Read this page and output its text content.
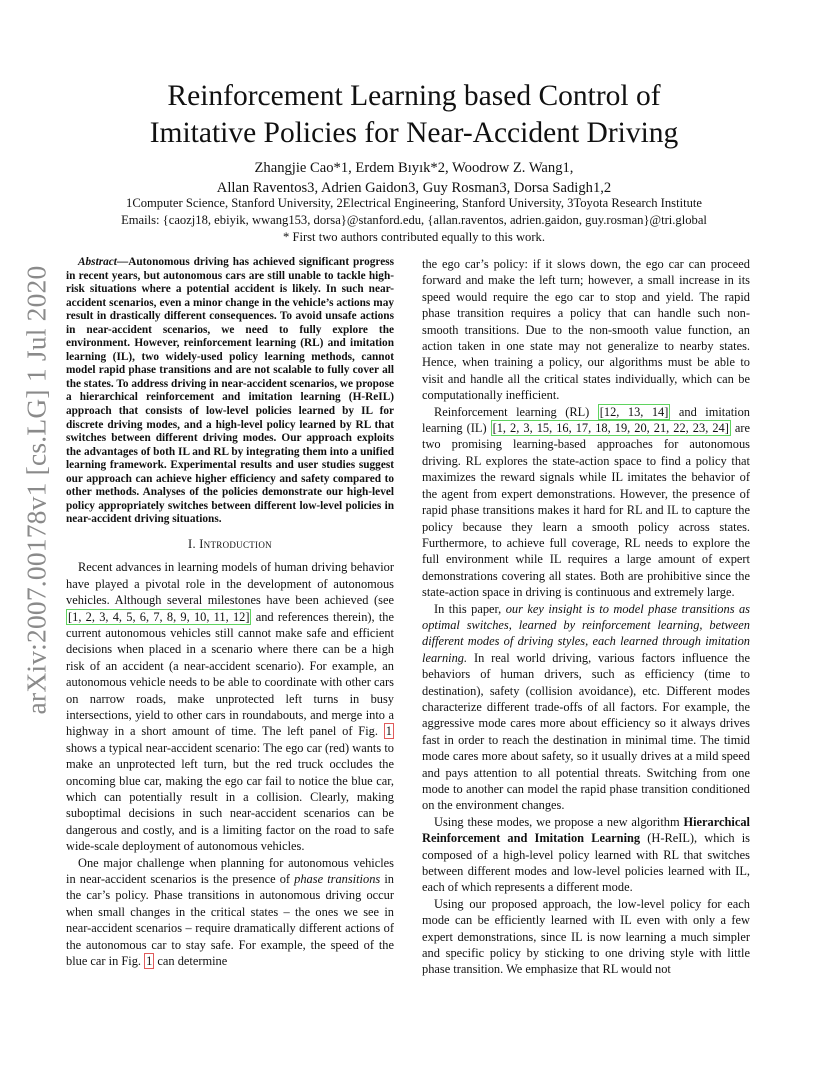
arXiv:2007.00178v1 [cs.LG] 1 Jul 2020
Reinforcement Learning based Control of
Imitative Policies for Near-Accident Driving
Zhangjie Cao*1, Erdem Bıyık*2, Woodrow Z. Wang1,
Allan Raventos3, Adrien Gaidon3, Guy Rosman3, Dorsa Sadigh1,2
1Computer Science, Stanford University, 2Electrical Engineering, Stanford University, 3Toyota Research Institute
Emails: {caozj18, ebiyik, wwang153, dorsa}@stanford.edu, {allan.raventos, adrien.gaidon, guy.rosman}@tri.global
* First two authors contributed equally to this work.

Abstract—Autonomous driving has achieved significant progress in recent years, but autonomous cars are still unable to tackle high-risk situations where a potential accident is likely. In such near-accident scenarios, even a minor change in the vehicle’s actions may result in drastically different consequences. To avoid unsafe actions in near-accident scenarios, we need to fully explore the environment. However, reinforcement learning (RL) and imitation learning (IL), two widely-used policy learning methods, cannot model rapid phase transitions and are not scalable to fully cover all the states. To address driving in near-accident scenarios, we propose a hierarchical reinforcement and imitation learning (H-ReIL) approach that consists of low-level policies learned by IL for discrete driving modes, and a high-level policy learned by RL that switches between different driving modes. Our approach exploits the advantages of both IL and RL by integrating them into a unified learning framework. Experimental results and user studies suggest our approach can achieve higher efficiency and safety compared to other methods. Analyses of the policies demonstrate our high-level policy appropriately switches between different low-level policies in near-accident driving situations.

I. Introduction

Recent advances in learning models of human driving behavior have played a pivotal role in the development of autonomous vehicles. Although several milestones have been achieved (see [1, 2, 3, 4, 5, 6, 7, 8, 9, 10, 11, 12] and references therein), the current autonomous vehicles still cannot make safe and efficient decisions when placed in a scenario where there can be a high risk of an accident (a near-accident scenario). For example, an autonomous vehicle needs to be able to coordinate with other cars on narrow roads, make unprotected left turns in busy intersections, yield to other cars in roundabouts, and merge into a highway in a short amount of time. The left panel of Fig. 1 shows a typical near-accident scenario: The ego car (red) wants to make an unprotected left turn, but the red truck occludes the oncoming blue car, making the ego car fail to notice the blue car, which can potentially result in a collision. Clearly, making suboptimal decisions in such near-accident scenarios can be dangerous and costly, and is a limiting factor on the road to safe wide-scale deployment of autonomous vehicles.

One major challenge when planning for autonomous vehicles in near-accident scenarios is the presence of phase transitions in the car’s policy. Phase transitions in autonomous driving occur when small changes in the critical states – the ones we see in near-accident scenarios – require dramatically different actions of the autonomous car to stay safe. For example, the speed of the blue car in Fig. 1 can determine

the ego car’s policy: if it slows down, the ego car can proceed forward and make the left turn; however, a small increase in its speed would require the ego car to stop and yield. The rapid phase transition requires a policy that can handle such non-smooth transitions. Due to the non-smooth value function, an action taken in one state may not generalize to nearby states. Hence, when training a policy, our algorithms must be able to visit and handle all the critical states individually, which can be computationally inefficient.

Reinforcement learning (RL) [12, 13, 14] and imitation learning (IL) [1, 2, 3, 15, 16, 17, 18, 19, 20, 21, 22, 23, 24] are two promising learning-based approaches for autonomous driving. RL explores the state-action space to find a policy that maximizes the reward signals while IL imitates the behavior of the agent from expert demonstrations. However, the presence of rapid phase transitions makes it hard for RL and IL to capture the policy because they learn a smooth policy across states. Furthermore, to achieve full coverage, RL needs to explore the full environment while IL requires a large amount of expert demonstrations covering all states. Both are prohibitive since the state-action space in driving is continuous and extremely large.

In this paper, our key insight is to model phase transitions as optimal switches, learned by reinforcement learning, between different modes of driving styles, each learned through imitation learning. In real world driving, various factors influence the behaviors of human drivers, such as efficiency (time to destination), safety (collision avoidance), etc. Different modes characterize different trade-offs of all factors. For example, the aggressive mode cares more about efficiency so it always drives fast in order to reach the destination in minimal time. The timid mode cares more about safety, so it usually drives at a mild speed and pays attention to all potential threats. Switching from one mode to another can model the rapid phase transition conditioned on the environment changes.

Using these modes, we propose a new algorithm Hierarchical Reinforcement and Imitation Learning (H-ReIL), which is composed of a high-level policy learned with RL that switches between different modes and low-level policies learned with IL, each of which represents a different mode.

Using our proposed approach, the low-level policy for each mode can be efficiently learned with IL even with only a few expert demonstrations, since IL is now learning a much simpler and specific policy by sticking to one driving style with little phase transition. We emphasize that RL would not
